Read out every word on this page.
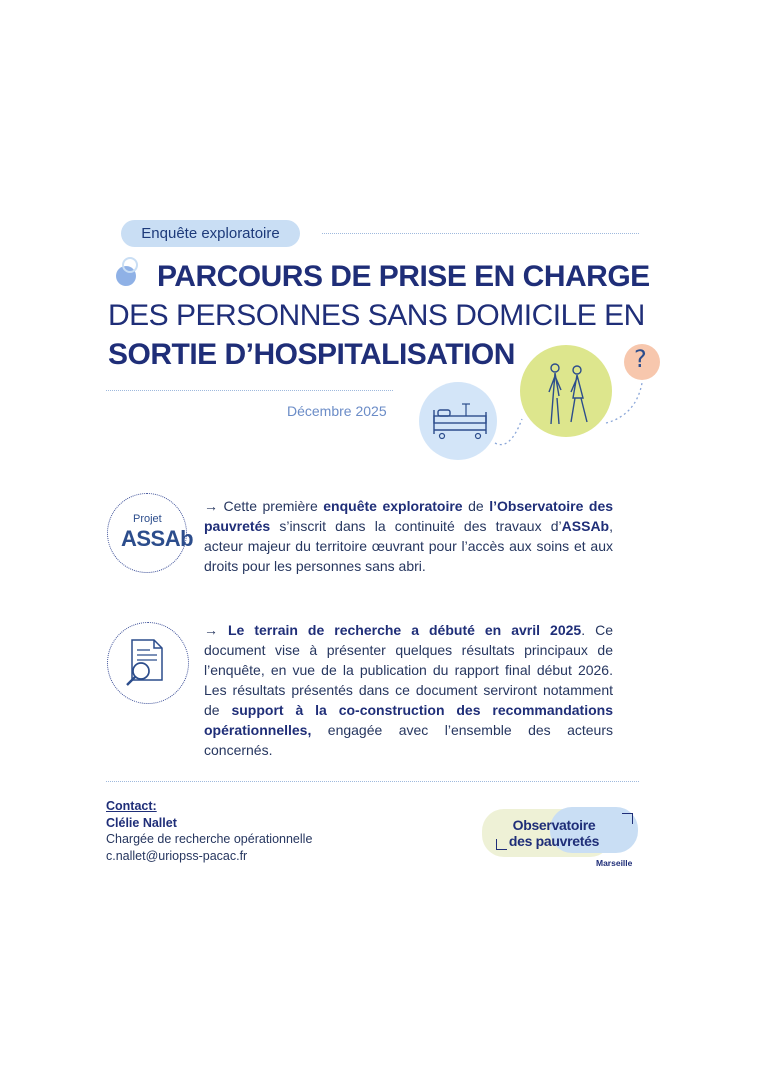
Enquête exploratoire
PARCOURS DE PRISE EN CHARGE
DES PERSONNES SANS DOMICILE EN
SORTIE D’HOSPITALISATION
Décembre 2025
?
Projet
ASSAb
→ Cette première enquête exploratoire de l’Observatoire des pauvretés s’inscrit dans la continuité des travaux d’ASSAb, acteur majeur du territoire œuvrant pour l’accès aux soins et aux droits pour les personnes sans abri.
→ Le terrain de recherche a débuté en avril 2025. Ce document vise à présenter quelques résultats principaux de l’enquête, en vue de la publication du rapport final début 2026. Les résultats présentés dans ce document serviront notamment de support à la co-construction des recommandations opérationnelles, engagée avec l’ensemble des acteurs concernés.
Contact:
Clélie Nallet
Chargée de recherche opérationnelle
c.nallet@uriopss-pacac.fr
Observatoire
des pauvretés
Marseille
